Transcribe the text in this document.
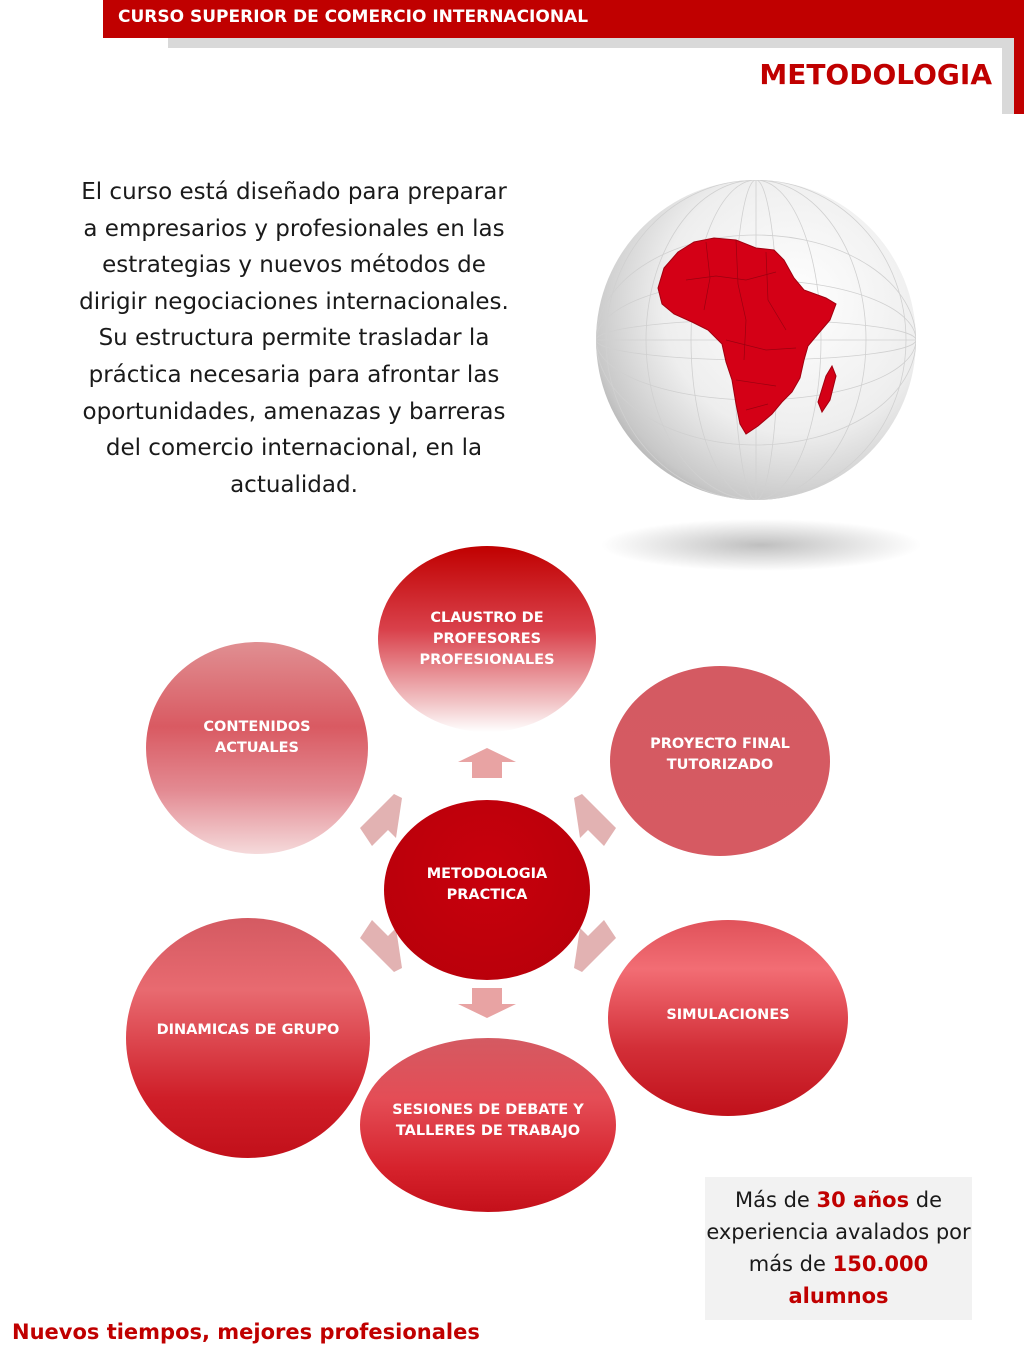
CURSO SUPERIOR DE COMERCIO INTERNACIONAL
METODOLOGIA
El curso está diseñado para preparar a empresarios y profesionales en las estrategias y nuevos métodos de dirigir negociaciones internacionales. Su estructura permite trasladar la práctica necesaria para afrontar las oportunidades, amenazas y barreras del comercio internacional, en la actualidad.
CLAUSTRO DE PROFESORES PROFESIONALES
CONTENIDOS ACTUALES	PROYECTO FINAL TUTORIZADO
METODOLOGIA PRACTICA
DINAMICAS DE GRUPO
SIMULACIONES
SESIONES DE DEBATE Y TALLERES DE TRABAJO
Más de 30 años de experiencia avalados por más de 150.000 alumnos
Nuevos tiempos, mejores profesionales
